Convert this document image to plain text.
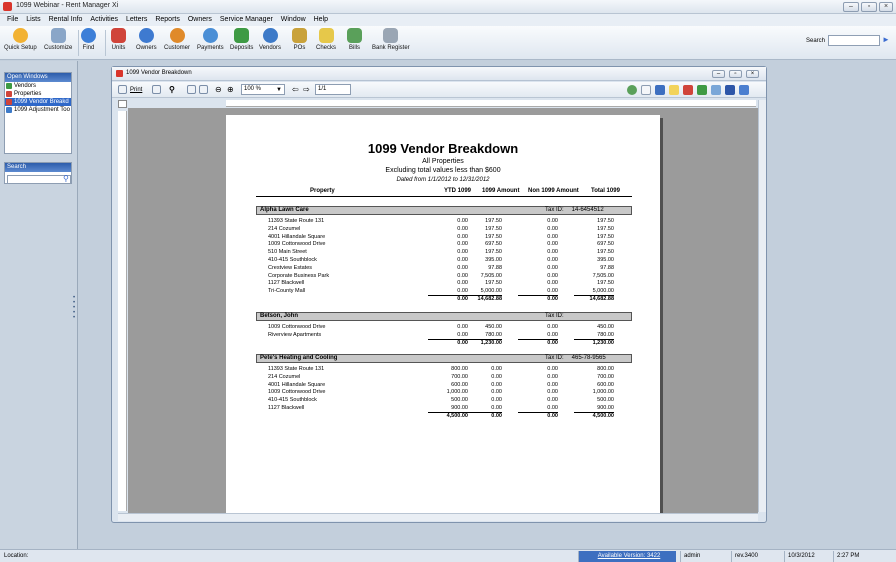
1099 Webinar - Rent Manager Xi	–	▫	×
File Lists Rental Info Activities Letters Reports Owners Service Manager Window Help
Quick Setup Customize Find	Units Owners Customer Payments Deposits Vendors POs Checks	Bills	Bank Register
Search	►
Open Windows
Vendors
Properties
1099 Vendor Breakd
1099 Adjustment Too
Search
⚲
•
•
•
•
•
1099 Vendor Breakdown	–	▫	×
Print	⚲	⊖ ⊕	100 %	▼ ⇦ ⇨	1/1
1099 Vendor Breakdown
All Properties
Excluding total values less than $600
Dated from 1/1/2012 to 12/31/2012
Property	YTD 1099 1099 Amount Non 1099 Amount Total 1099
Alpha Lawn Care	Tax ID: 14-6454512
11393 State Route 131	0.00	197.50	0.00	197.50
214 Cozumel	0.00	197.50	0.00	197.50
4001 Hillandale Square	0.00	197.50	0.00	197.50
1009 Cottonwood Drive	0.00	697.50	0.00	697.50
510 Main Street	0.00	197.50	0.00	197.50
410-415 Southblock	0.00	395.00	0.00	395.00
Crestview Estates	0.00	97.88	0.00	97.88
Corporate Business Park	0.00	7,505.00	0.00	7,505.00
1127 Blackwell	0.00	197.50	0.00	197.50
Tri-County Mall	0.00	5,000.00	0.00	5,000.00
0.00	14,682.88	0.00	14,682.88
Betson, John	Tax ID:
1009 Cottonwood Drive	0.00	450.00	0.00	450.00
Riverview Apartments	0.00	780.00	0.00	780.00
0.00	1,230.00	0.00	1,230.00
Pete's Heating and Cooling	Tax ID: 465-78-9565
11393 State Route 131	800.00	0.00	0.00	800.00
214 Cozumel	700.00	0.00	0.00	700.00
4001 Hillandale Square	600.00	0.00	0.00	600.00
1009 Cottonwood Drive	1,000.00	0.00	0.00	1,000.00
410-415 Southblock	500.00	0.00	0.00	500.00
1127 Blackwell	900.00	0.00	0.00	900.00
4,500.00	0.00	0.00	4,500.00
Location:	Available Version: 3422	admin	rev.3400	10/3/2012	2:27 PM
